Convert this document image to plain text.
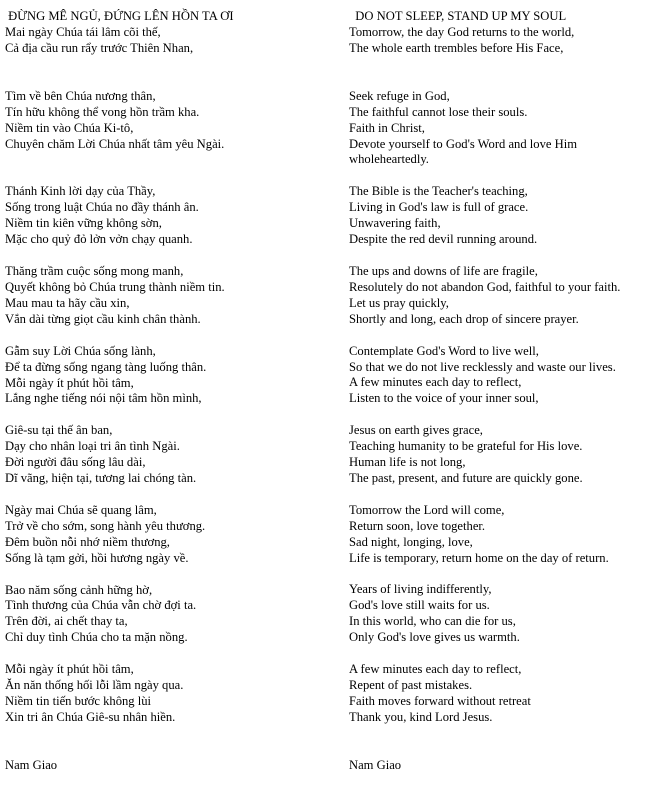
ĐỪNG MÊ NGỦ, ĐỨNG LÊN HỒN TA ƠI
Mai ngày Chúa tái lâm cõi thế,
Cả địa cầu run rẩy trước Thiên Nhan,
Tìm về bên Chúa nương thân,
Tín hữu không thể vong hồn trầm kha.
Niềm tin vào Chúa Ki-tô,
Chuyên chăm Lời Chúa nhất tâm yêu Ngài.
Thánh Kinh lời dạy của Thầy,
Sống trong luật Chúa no đầy thánh ân.
Niềm tin kiên vững không sờn,
Mặc cho quỷ đỏ lởn vởn chạy quanh.
Thăng trầm cuộc sống mong manh,
Quyết không bỏ Chúa trung thành niềm tin.
Mau mau ta hãy cầu xin,
Vắn dài từng giọt cầu kinh chân thành.
Gẫm suy Lời Chúa sống lành,
Để ta đừng sống ngang tàng luống thân.
Mỗi ngày ít phút hồi tâm,
Lắng nghe tiếng nói nội tâm hồn mình,
Giê-su tại thế ân ban,
Dạy cho nhân loại tri ân tình Ngài.
Đời người đâu sống lâu dài,
Dĩ vãng, hiện tại, tương lai chóng tàn.
Ngày mai Chúa sẽ quang lâm,
Trở về cho sớm, song hành yêu thương.
Đêm buồn nỗi nhớ niềm thương,
Sống là tạm gởi, hồi hương ngày về.
Bao năm sống cảnh hững hờ,
Tình thương của Chúa vẫn chờ đợi ta.
Trên đời, ai chết thay ta,
Chỉ duy tình Chúa cho ta mặn nồng.
Mỗi ngày ít phút hồi tâm,
Ăn năn thống hối lỗi lầm ngày qua.
Niềm tin tiến bước không lùi
Xin tri ân Chúa Giê-su nhân hiền.
Nam Giao
DO NOT SLEEP, STAND UP MY SOUL
Tomorrow, the day God returns to the world,
The whole earth trembles before His Face,
Seek refuge in God,
The faithful cannot lose their souls.
Faith in Christ,
Devote yourself to God's Word and love Him
wholeheartedly.
The Bible is the Teacher's teaching,
Living in God's law is full of grace.
Unwavering faith,
Despite the red devil running around.
The ups and downs of life are fragile,
Resolutely do not abandon God, faithful to your faith.
Let us pray quickly,
Shortly and long, each drop of sincere prayer.
Contemplate God's Word to live well,
So that we do not live recklessly and waste our lives.
A few minutes each day to reflect,
Listen to the voice of your inner soul,
Jesus on earth gives grace,
Teaching humanity to be grateful for His love.
Human life is not long,
The past, present, and future are quickly gone.
Tomorrow the Lord will come,
Return soon, love together.
Sad night, longing, love,
Life is temporary, return home on the day of return.
Years of living indifferently,
God's love still waits for us.
In this world, who can die for us,
Only God's love gives us warmth.
A few minutes each day to reflect,
Repent of past mistakes.
Faith moves forward without retreat
Thank you, kind Lord Jesus.
Nam Giao
